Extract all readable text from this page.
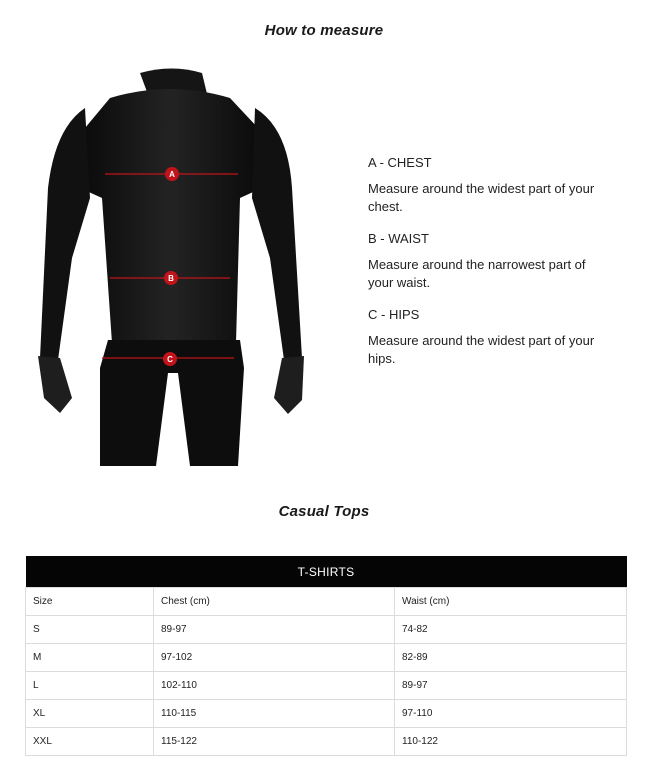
How to measure
A
B
C

A - CHEST

Measure around the widest part of your chest.

B - WAIST

Measure around the narrowest part of your waist.

C - HIPS

Measure around the widest part of your hips.

Casual Tops
T-SHIRTS		
Size	Chest (cm)	Waist (cm)
S	89-97	74-82
M	97-102	82-89
L	102-110	89-97
XL	110-115	97-110
XXL	115-122	110-122
